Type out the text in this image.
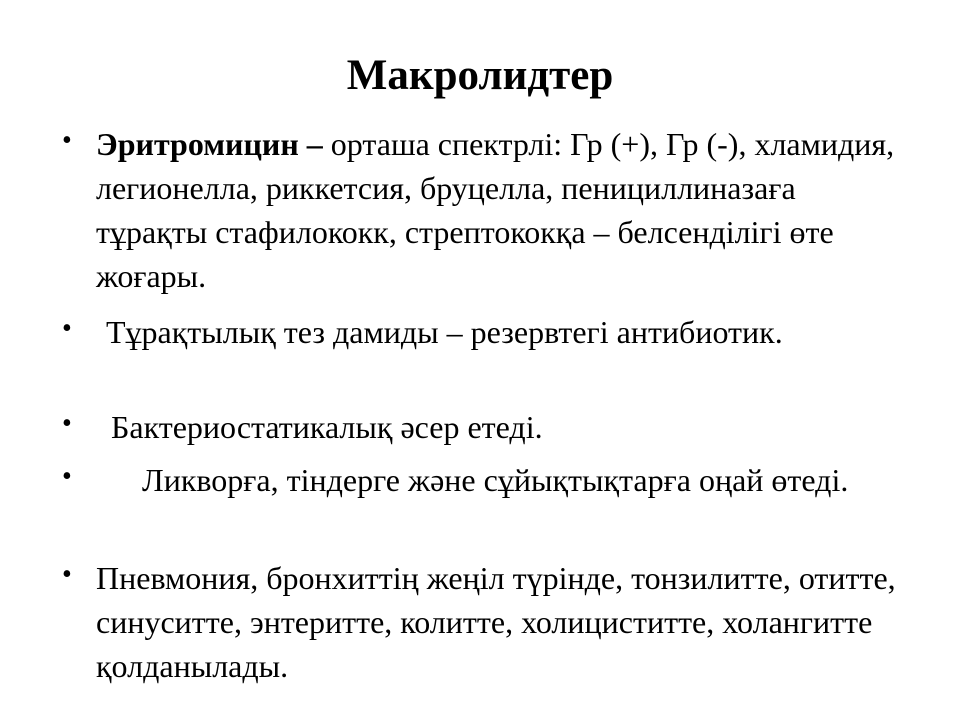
Макролидтер
• Эритромицин – орташа спектрлі: Гр (+), Гр (-), хламидия, легионелла, риккетсия, бруцелла, пенициллиназаға тұрақты стафилококк, стрептококқа – белсенділігі өте жоғары.
•	Тұрақтылық тез дамиды – резервтегі антибиотик.
•	Бактериостатикалық әсер етеді.
•	Ликворға, тіндерге және сұйықтықтарға оңай өтеді.
• Пневмония, бронхиттің жеңіл түрінде, тонзилитте, отитте, синуситте, энтеритте, колитте, холициститте, холангитте қолданылады.
